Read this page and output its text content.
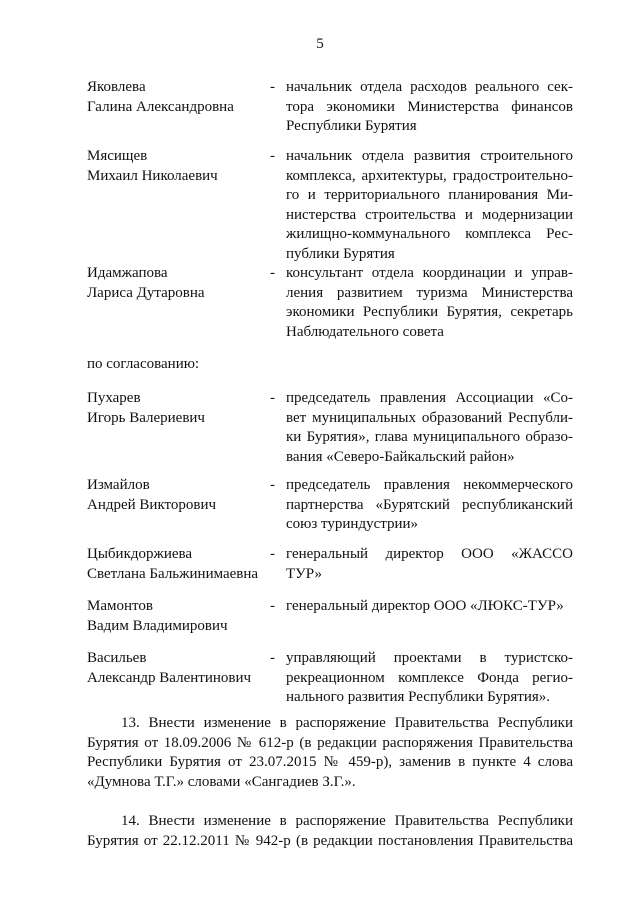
5
Яковлева
Галина Александровна
- начальник отдела расходов реального сек-
тора экономики Министерства финансов
Республики Бурятия
Мясищев
Михаил Николаевич
- начальник отдела развития строительного
комплекса, архитектуры, градостроительно-
го и территориального планирования Ми-
нистерства строительства и модернизации
жилищно-коммунального комплекса Рес-
публики Бурятия
Идамжапова
Лариса Дутаровна
- консультант отдела координации и управ-
ления развитием туризма Министерства
экономики Республики Бурятия, секретарь
Наблюдательного совета
по согласованию:
Пухарев
Игорь Валериевич
- председатель правления Ассоциации «Со-
вет муниципальных образований Республи-
ки Бурятия», глава муниципального образо-
вания «Северо-Байкальский район»
Измайлов
Андрей Викторович
- председатель правления некоммерческого
партнерства «Бурятский республиканский
союз туриндустрии»
Цыбикдоржиева
Светлана Бальжинимаевна
- генеральный директор ООО «ЖАССО
ТУР»
Мамонтов
Вадим Владимирович
- генеральный директор ООО «ЛЮКС-ТУР»
Васильев
Александр Валентинович
- управляющий проектами в туристско-
рекреационном комплексе Фонда регио-
нального развития Республики Бурятия».
13. Внести изменение в распоряжение Правительства Республики
Бурятия от 18.09.2006 № 612-р (в редакции распоряжения Правительства
Республики Бурятия от 23.07.2015 № 459-р), заменив в пункте 4 слова
«Думнова Т.Г.» словами «Сангадиев З.Г.».
14. Внести изменение в распоряжение Правительства Республики
Бурятия от 22.12.2011 № 942-р (в редакции постановления Правительства
